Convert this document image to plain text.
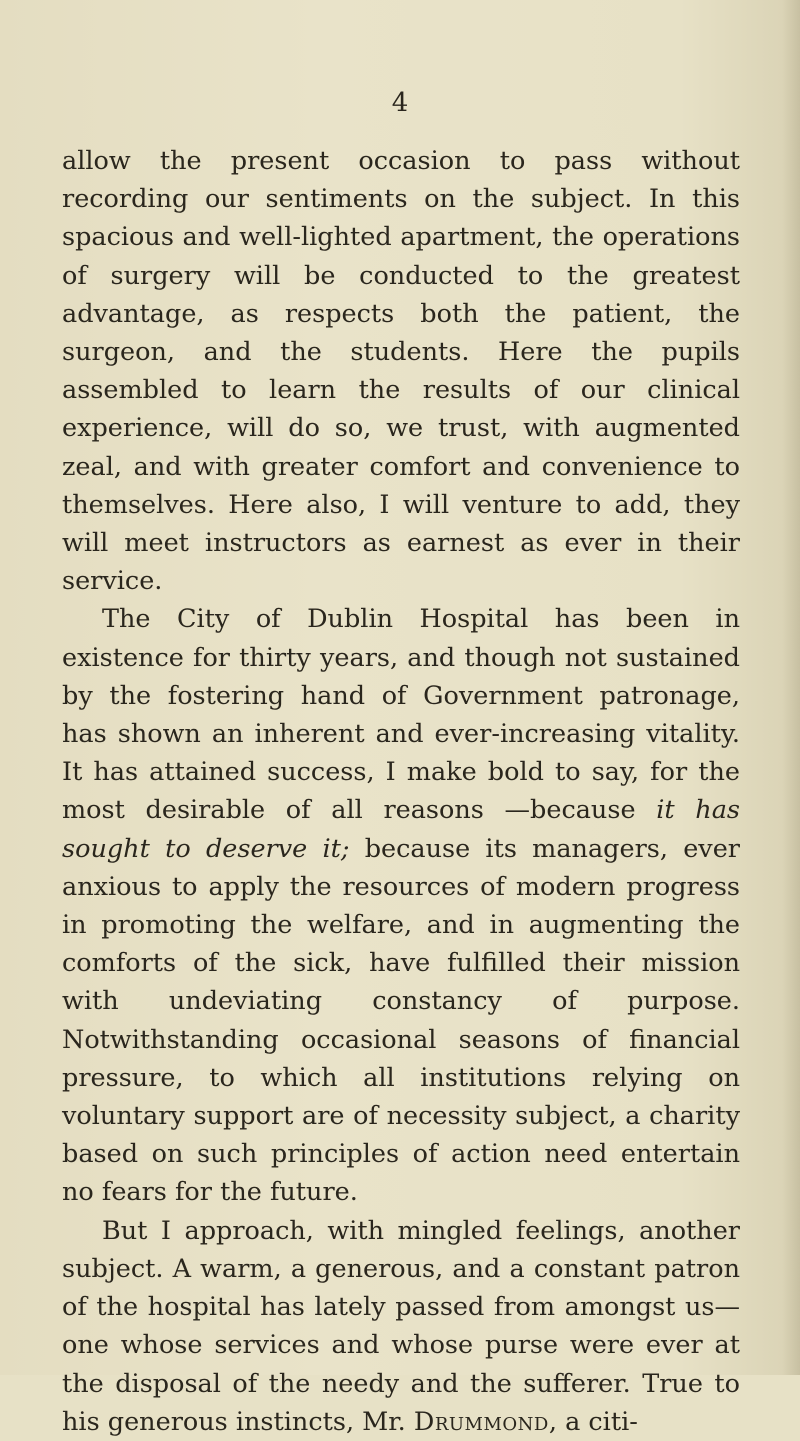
4

allow the present occasion to pass without recording our sentiments on the subject. In this spacious and well-lighted apartment, the operations of surgery will be conducted to the greatest advantage, as respects both the patient, the surgeon, and the students. Here the pupils assembled to learn the results of our clinical experience, will do so, we trust, with augmented zeal, and with greater comfort and convenience to themselves. Here also, I will venture to add, they will meet instructors as earnest as ever in their service.

The City of Dublin Hospital has been in existence for thirty years, and though not sustained by the fostering hand of Government patronage, has shown an inherent and ever-increasing vitality. It has attained success, I make bold to say, for the most desirable of all reasons —because it has sought to deserve it; because its managers, ever anxious to apply the resources of modern progress in promoting the welfare, and in augmenting the comforts of the sick, have fulfilled their mission with undeviating constancy of purpose. Notwithstanding occasional seasons of financial pressure, to which all institutions relying on voluntary support are of necessity subject, a charity based on such principles of action need entertain no fears for the future.

But I approach, with mingled feelings, another subject. A warm, a generous, and a constant patron of the hospital has lately passed from amongst us—one whose services and whose purse were ever at the disposal of the needy and the sufferer. True to his generous instincts, Mr. Drummond, a citi-
